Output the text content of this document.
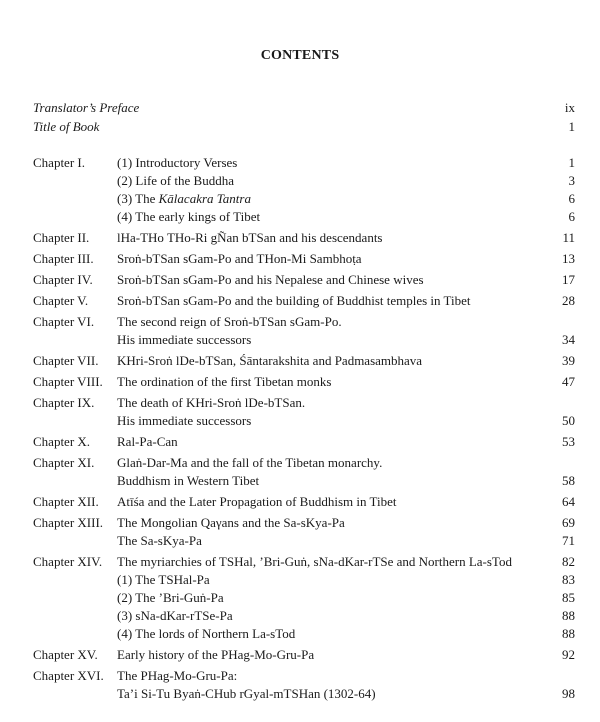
CONTENTS
Translator’s Preface	ix
Title of Book	1
Chapter I. (1) Introductory Verses	1
(2) Life of the Buddha	3
(3) The Kālacakra Tantra	6
(4) The early kings of Tibet	6
Chapter II. lHa-THo THo-Ri gÑan bTSan and his descendants	11
Chapter III. Sroṅ-bTSan sGam-Po and THon-Mi Sambhoṭa	13
Chapter IV. Sroṅ-bTSan sGam-Po and his Nepalese and Chinese wives	17
Chapter V. Sroṅ-bTSan sGam-Po and the building of Buddhist temples in Tibet	28
Chapter VI. The second reign of Sroṅ-bTSan sGam-Po.
His immediate successors	34
Chapter VII. KHri-Sroṅ lDe-bTSan, Śāntarakshita and Padmasambhava	39
Chapter VIII. The ordination of the first Tibetan monks	47
Chapter IX. The death of KHri-Sroṅ lDe-bTSan.
His immediate successors	50
Chapter X. Ral-Pa-Can	53
Chapter XI. Glaṅ-Dar-Ma and the fall of the Tibetan monarchy.
Buddhism in Western Tibet	58
Chapter XII. Atīśa and the Later Propagation of Buddhism in Tibet	64
Chapter XIII. The Mongolian Qaγans and the Sa-sKya-Pa	69
The Sa-sKya-Pa	71
Chapter XIV. The myriarchies of TSHal, ’Bri-Guṅ, sNa-dKar-rTSe and Northern La-sTod	82
(1) The TSHal-Pa	83
(2) The ’Bri-Guṅ-Pa	85
(3) sNa-dKar-rTSe-Pa	88
(4) The lords of Northern La-sTod	88
Chapter XV. Early history of the PHag-Mo-Gru-Pa	92
Chapter XVI. The PHag-Mo-Gru-Pa:
Ta’i Si-Tu Byaṅ-CHub rGyal-mTSHan (1302-64)	98
